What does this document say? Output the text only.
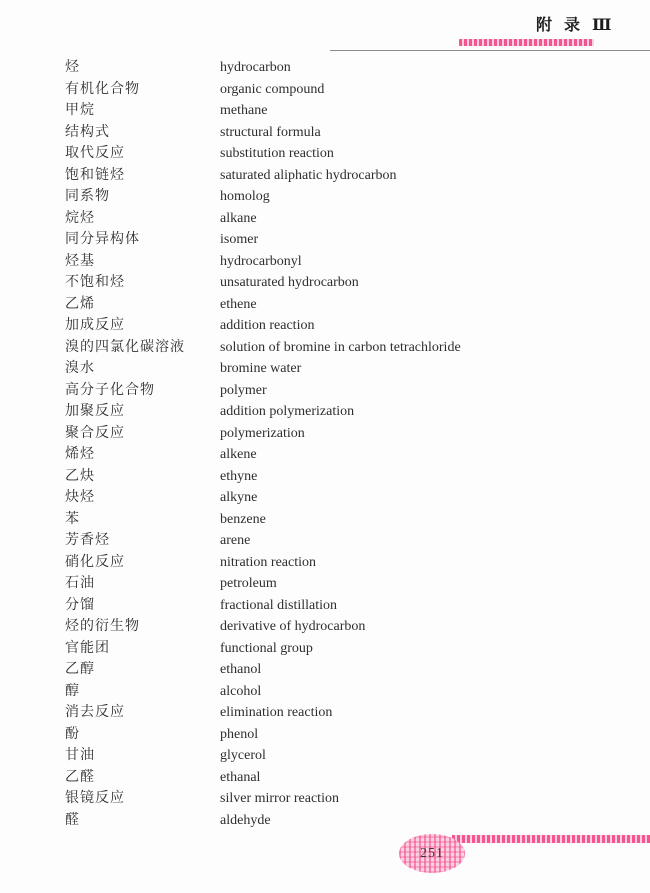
附 录 Ⅲ
烃	hydrocarbon
有机化合物	organic compound
甲烷	methane
结构式	structural formula
取代反应	substitution reaction
饱和链烃	saturated aliphatic hydrocarbon
同系物	homolog
烷烃	alkane
同分异构体	isomer
烃基	hydrocarbonyl
不饱和烃	unsaturated hydrocarbon
乙烯	ethene
加成反应	addition reaction
溴的四氯化碳溶液	solution of bromine in carbon tetrachloride
溴水	bromine water
高分子化合物	polymer
加聚反应	addition polymerization
聚合反应	polymerization
烯烃	alkene
乙炔	ethyne
炔烃	alkyne
苯	benzene
芳香烃	arene
硝化反应	nitration reaction
石油	petroleum
分馏	fractional distillation
烃的衍生物	derivative of hydrocarbon
官能团	functional group
乙醇	ethanol
醇	alcohol
消去反应	elimination reaction
酚	phenol
甘油	glycerol
乙醛	ethanal
银镜反应	silver mirror reaction
醛	aldehyde
251
